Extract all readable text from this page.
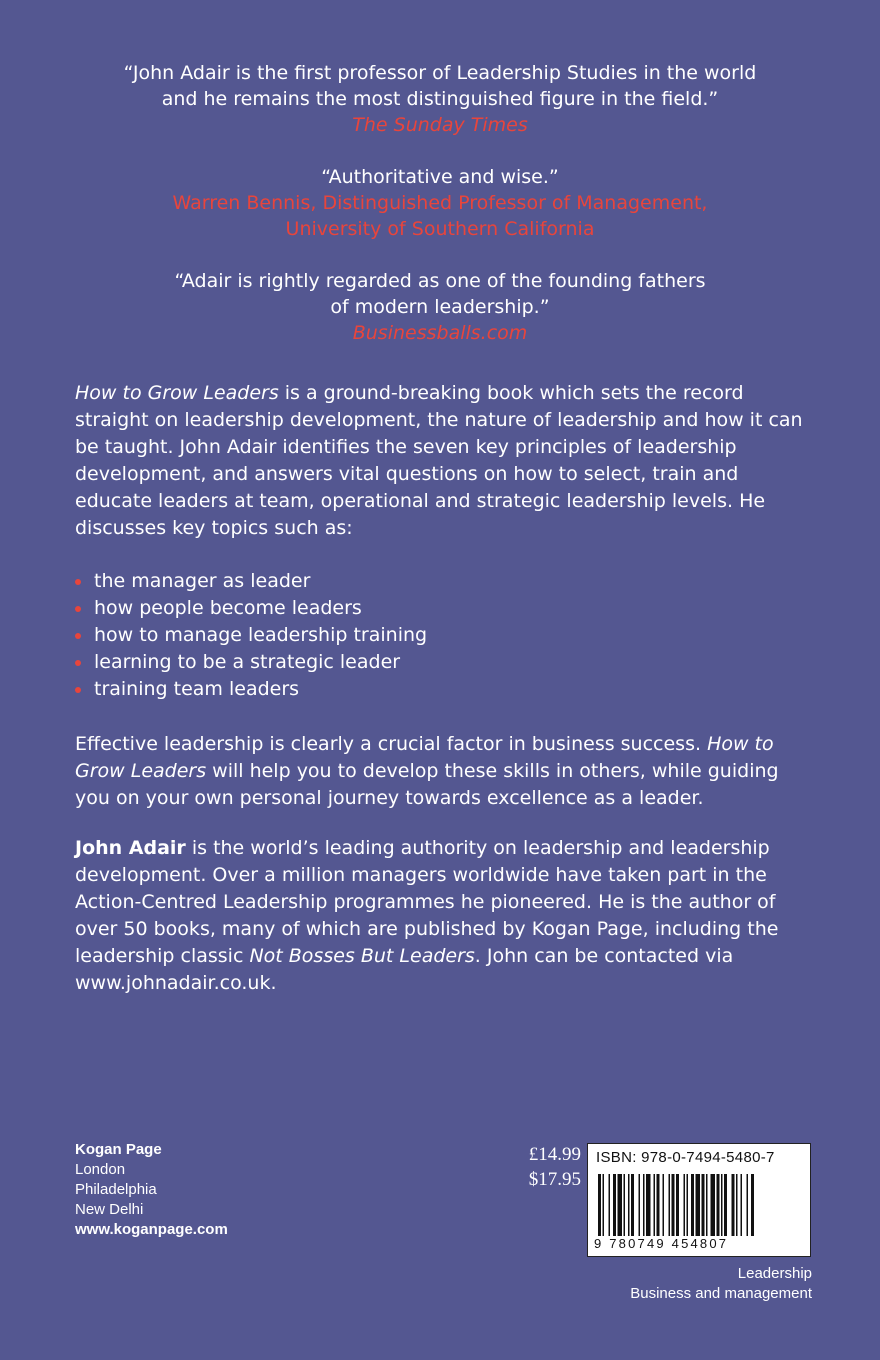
“John Adair is the first professor of Leadership Studies in the world

and he remains the most distinguished figure in the field.”

The Sunday Times

“Authoritative and wise.”

Warren Bennis, Distinguished Professor of Management,

University of Southern California

“Adair is rightly regarded as one of the founding fathers

of modern leadership.”

Businessballs.com

How to Grow Leaders is a ground-breaking book which sets the record straight on leadership development, the nature of leadership and how it can be taught. John Adair identifies the seven key principles of leadership development, and answers vital questions on how to select, train and educate leaders at team, operational and strategic leadership levels. He discusses key topics such as:
the manager as leader
how people become leaders
how to manage leadership training
learning to be a strategic leader
training team leaders
Effective leadership is clearly a crucial factor in business success. How to Grow Leaders will help you to develop these skills in others, while guiding you on your own personal journey towards excellence as a leader.
John Adair is the world’s leading authority on leadership and leadership development. Over a million managers worldwide have taken part in the Action-Centred Leadership programmes he pioneered. He is the author of over 50 books, many of which are published by Kogan Page, including the leadership classic Not Bosses But Leaders. John can be contacted via www.johnadair.co.uk.
Kogan Page
London
Philadelphia
New Delhi
www.koganpage.com
£14.99
$17.95
ISBN: 978-0-7494-5480-7
9 780749 454807
Leadership
Business and management
